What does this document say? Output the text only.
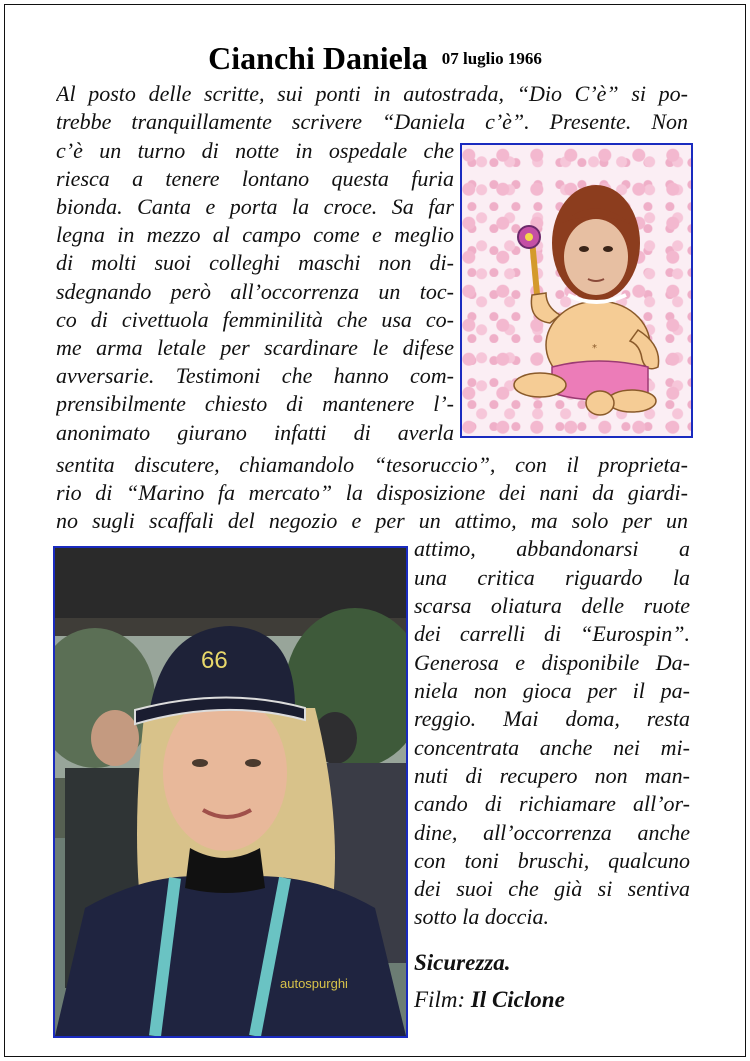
Cianchi Daniela 07 luglio 1966
Al posto delle scritte, sui ponti in autostrada, “Dio C’è” si po-
trebbe tranquillamente scrivere “Daniela c’è”. Presente. Non
c’è un turno di notte in ospedale che
riesca a tenere lontano questa furia
bionda. Canta e porta la croce. Sa far
legna in mezzo al campo come e meglio
di molti suoi colleghi maschi non di-
sdegnando però all’occorrenza un toc-
co di civettuola femminilità che usa co-
me arma letale per scardinare le difese
avversarie. Testimoni che hanno com-
prensibilmente chiesto di mantenere l’-
anonimato giurano infatti di averla
sentita discutere, chiamandolo “tesoruccio”, con il proprieta-
rio di “Marino fa mercato” la disposizione dei nani da giardi-
no sugli scaffali del negozio e per un attimo, ma solo per un
attimo, abbandonarsi a
una critica riguardo la
scarsa oliatura delle ruote
dei carrelli di “Eurospin”.
Generosa e disponibile Da-
niela non gioca per il pa-
reggio. Mai doma, resta
concentrata anche nei mi-
nuti di recupero non man-
cando di richiamare all’or-
dine, all’occorrenza anche
con toni bruschi, qualcuno
dei suoi che già si sentiva
sotto la doccia.
Sicurezza.
Film: Il Ciclone
*
66
autospurghi
